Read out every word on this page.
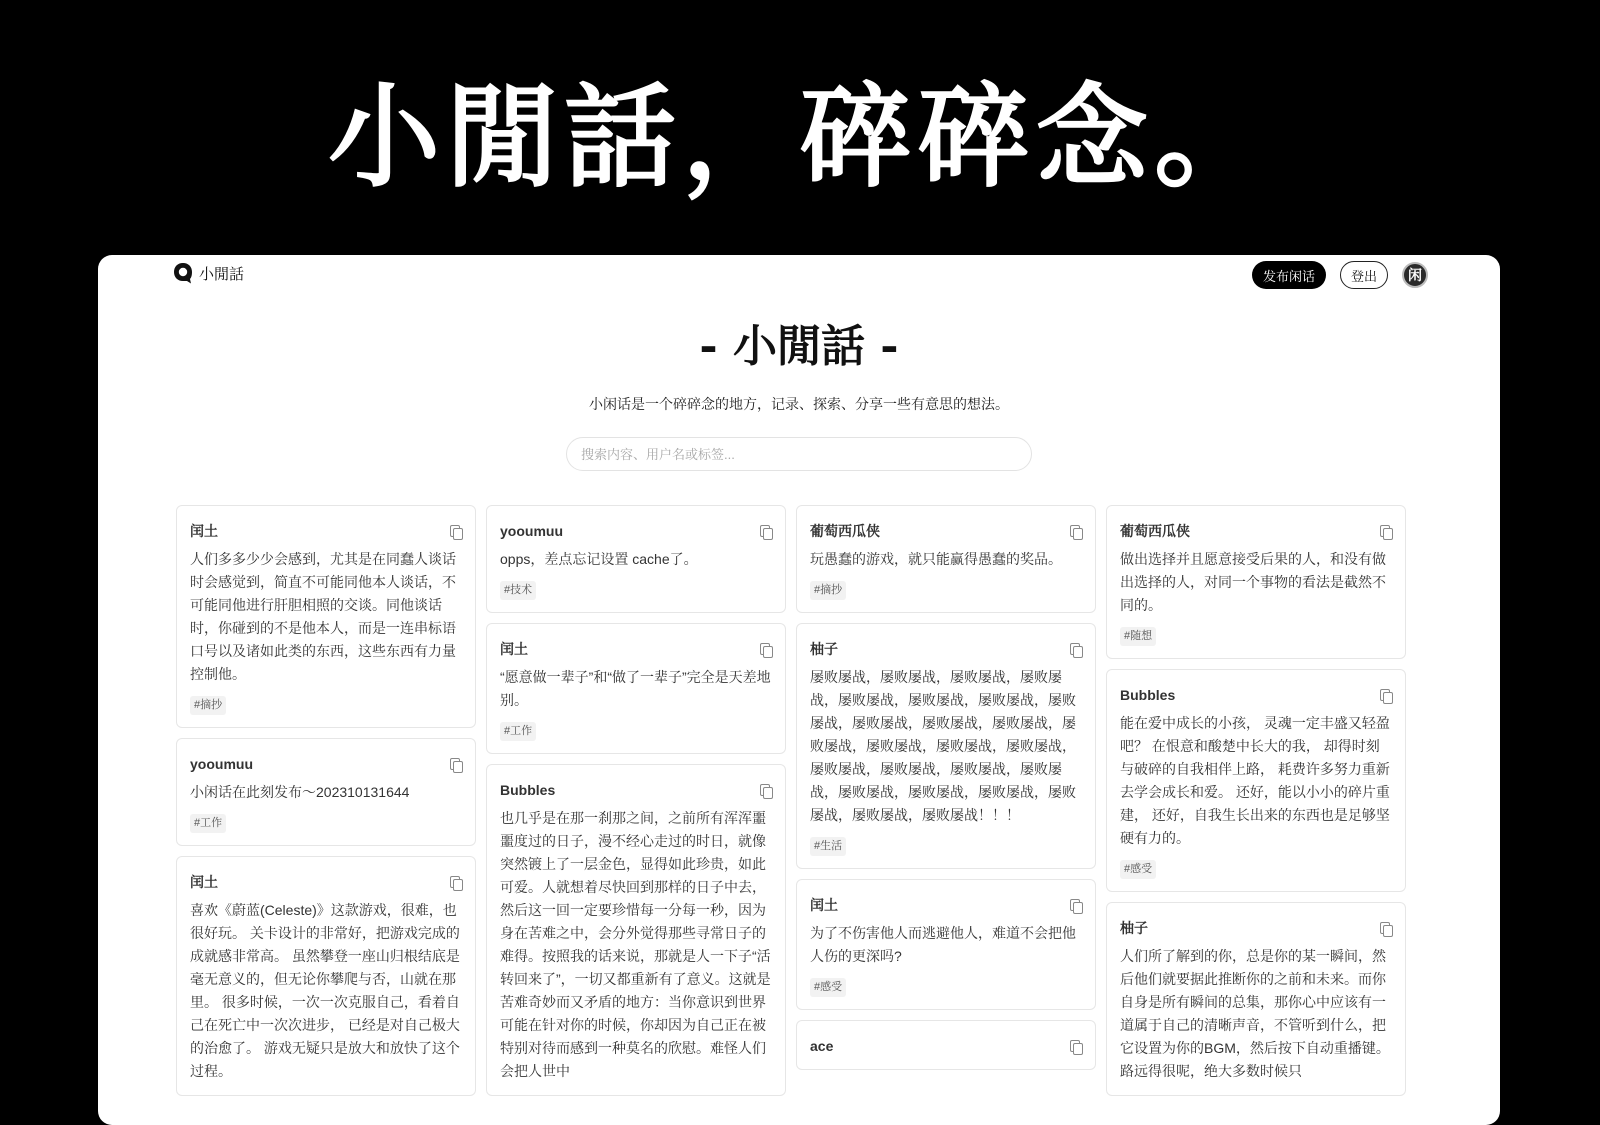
小閒話，碎碎念。
小閒話	发布闲话	登出	闲
- 小閒話 -
小闲话是一个碎碎念的地方，记录、探索、分享一些有意思的想法。
搜索内容、用户名或标签...
闰土
人们多多少少会感到，尤其是在同蠢人谈话时会感觉到，简直不可能同他本人谈话，不可能同他进行肝胆相照的交谈。同他谈话时，你碰到的不是他本人，而是一连串标语口号以及诸如此类的东西，这些东西有力量控制他。
#摘抄
yooumuu
小闲话在此刻发布～202310131644
#工作
闰土
喜欢《蔚蓝(Celeste)》这款游戏，很难，也很好玩。 关卡设计的非常好，把游戏完成的成就感非常高。 虽然攀登一座山归根结底是毫无意义的，但无论你攀爬与否，山就在那里。 很多时候，一次一次克服自己，看着自己在死亡中一次次进步， 已经是对自己极大的治愈了。 游戏无疑只是放大和放快了这个过程。
yooumuu
opps，差点忘记设置 cache了。
#技术
闰土
“愿意做一辈子”和“做了一辈子”完全是天差地别。
#工作
Bubbles
也几乎是在那一刹那之间，之前所有浑浑噩噩度过的日子，漫不经心走过的时日，就像突然镀上了一层金色，显得如此珍贵，如此可爱。人就想着尽快回到那样的日子中去，然后这一回一定要珍惜每一分每一秒，因为身在苦难之中，会分外觉得那些寻常日子的难得。按照我的话来说，那就是人一下子“活转回来了”，一切又都重新有了意义。这就是苦难奇妙而又矛盾的地方：当你意识到世界可能在针对你的时候，你却因为自己正在被特别对待而感到一种莫名的欣慰。难怪人们会把人世中
葡萄西瓜侠
玩愚蠢的游戏，就只能赢得愚蠢的奖品。
#摘抄
柚子
屡败屡战，屡败屡战，屡败屡战，屡败屡战，屡败屡战，屡败屡战，屡败屡战，屡败屡战，屡败屡战，屡败屡战，屡败屡战，屡败屡战，屡败屡战，屡败屡战，屡败屡战，屡败屡战，屡败屡战，屡败屡战，屡败屡战，屡败屡战，屡败屡战，屡败屡战，屡败屡战，屡败屡战，屡败屡战！！！
#生活
闰土
为了不伤害他人而逃避他人，难道不会把他人伤的更深吗?
#感受
ace
葡萄西瓜侠
做出选择并且愿意接受后果的人，和没有做出选择的人，对同一个事物的看法是截然不同的。
#随想
Bubbles
能在爱中成长的小孩， 灵魂一定丰盛又轻盈吧？ 在恨意和酸楚中长大的我， 却得时刻与破碎的自我相伴上路， 耗费许多努力重新去学会成长和爱。 还好，能以小小的碎片重建， 还好，自我生长出来的东西也是足够坚硬有力的。
#感受
柚子
人们所了解到的你，总是你的某一瞬间，然后他们就要据此推断你的之前和未来。而你自身是所有瞬间的总集，那你心中应该有一道属于自己的清晰声音，不管听到什么，把它设置为你的BGM，然后按下自动重播键。 路远得很呢，绝大多数时候只
